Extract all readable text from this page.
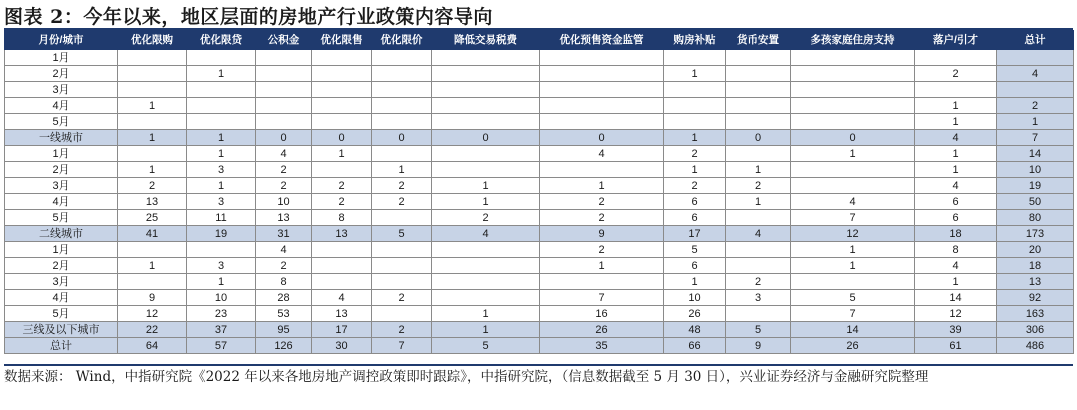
图表 2：今年以来，地区层面的房地产行业政策内容导向
月份/城市	优化限购	优化限贷	公积金	优化限售	优化限价	降低交易税费	优化预售资金监管	购房补贴	货币安置	多孩家庭住房支持	落户/引才	总计
1月												
2月		1						1			2	4
3月												
4月	1										1	2
5月											1	1
一线城市	1	1	0	0	0	0	0	1	0	0	4	7
1月		1	4	1			4	2		1	1	14
2月	1	3	2		1			1	1		1	10
3月	2	1	2	2	2	1	1	2	2		4	19
4月	13	3	10	2	2	1	2	6	1	4	6	50
5月	25	11	13	8		2	2	6		7	6	80
二线城市	41	19	31	13	5	4	9	17	4	12	18	173
1月			4				2	5		1	8	20
2月	1	3	2				1	6		1	4	18
3月		1	8					1	2		1	13
4月	9	10	28	4	2		7	10	3	5	14	92
5月	12	23	53	13		1	16	26		7	12	163
三线及以下城市	22	37	95	17	2	1	26	48	5	14	39	306
总计	64	57	126	30	7	5	35	66	9	26	61	486
数据来源： Wind，中指研究院《2022 年以来各地房地产调控政策即时跟踪》，中指研究院，（信息数据截至 5 月 30 日），兴业证券经济与金融研究院整理
